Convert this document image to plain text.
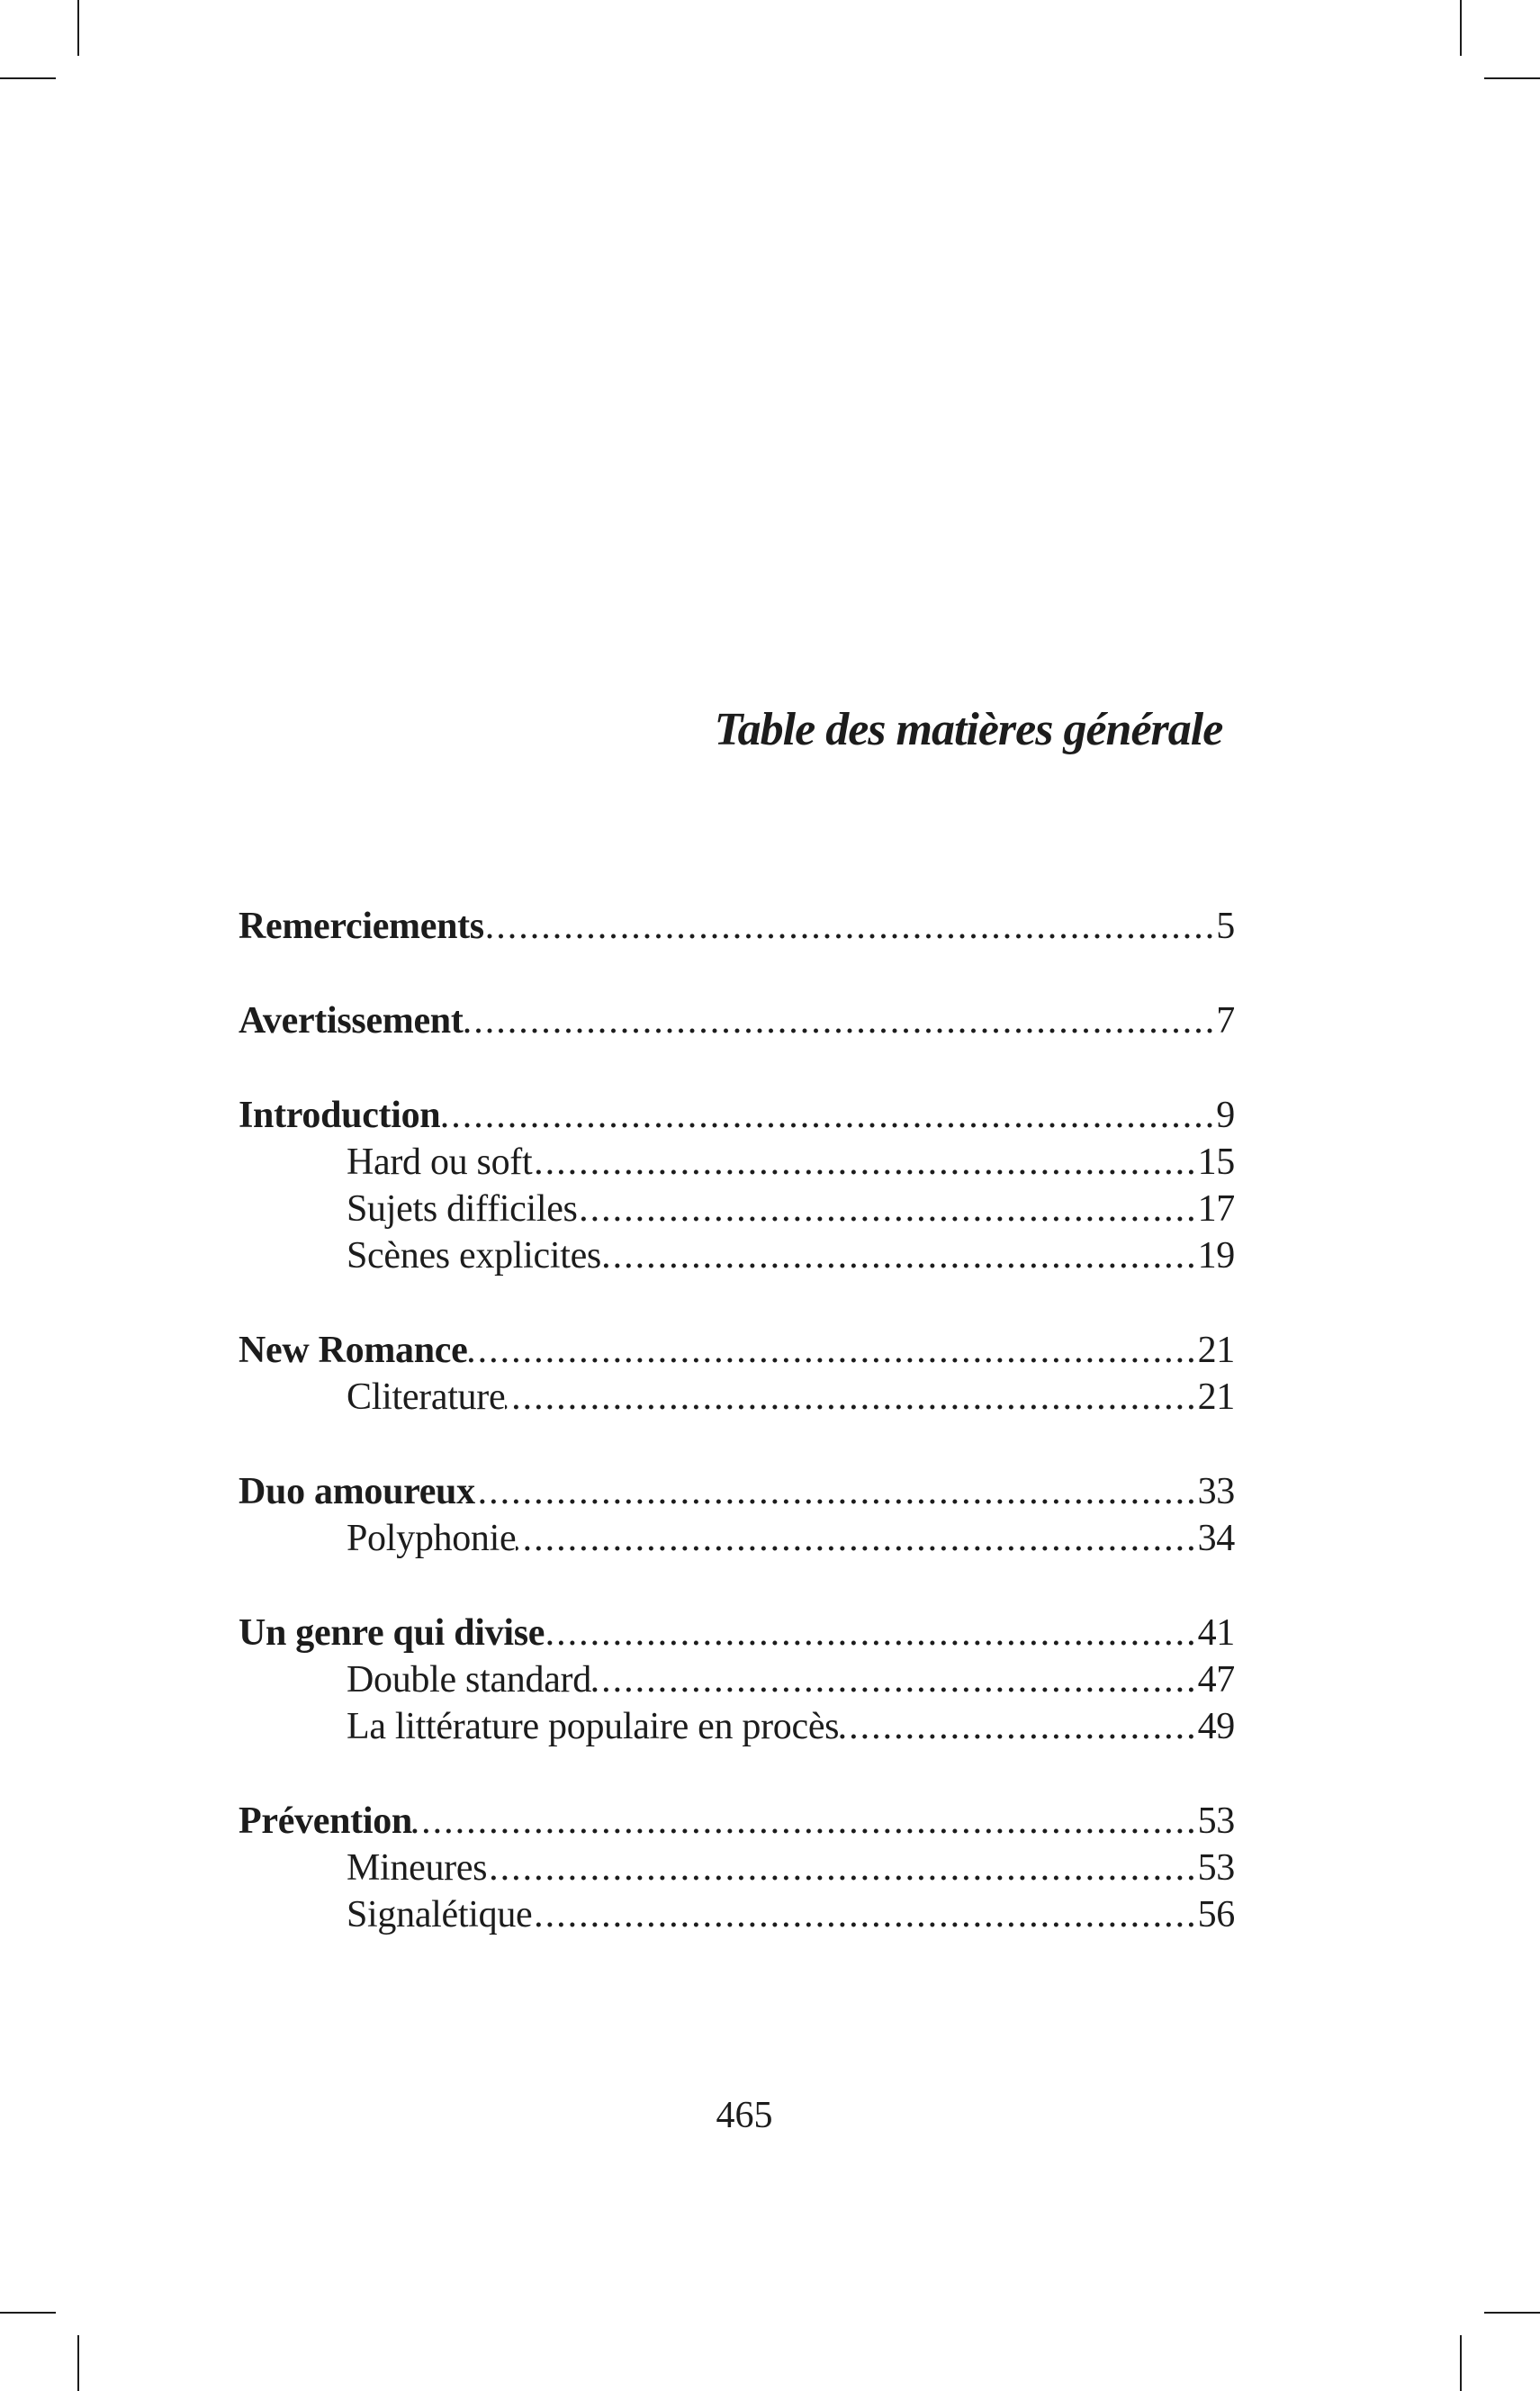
Table des matières générale
Remerciements .....	5
Avertissement .....	7
Introduction .....	9
Hard ou soft .....	15
Sujets difficiles .....	17
Scènes explicites .....	19
New Romance .....	21
Cliterature .....	21
Duo amoureux .....	33
Polyphonie .....	34
Un genre qui divise .....	41
Double standard .....	47
La littérature populaire en procès .....	49
Prévention .....	53
Mineures .....	53
Signalétique .....	56
465
